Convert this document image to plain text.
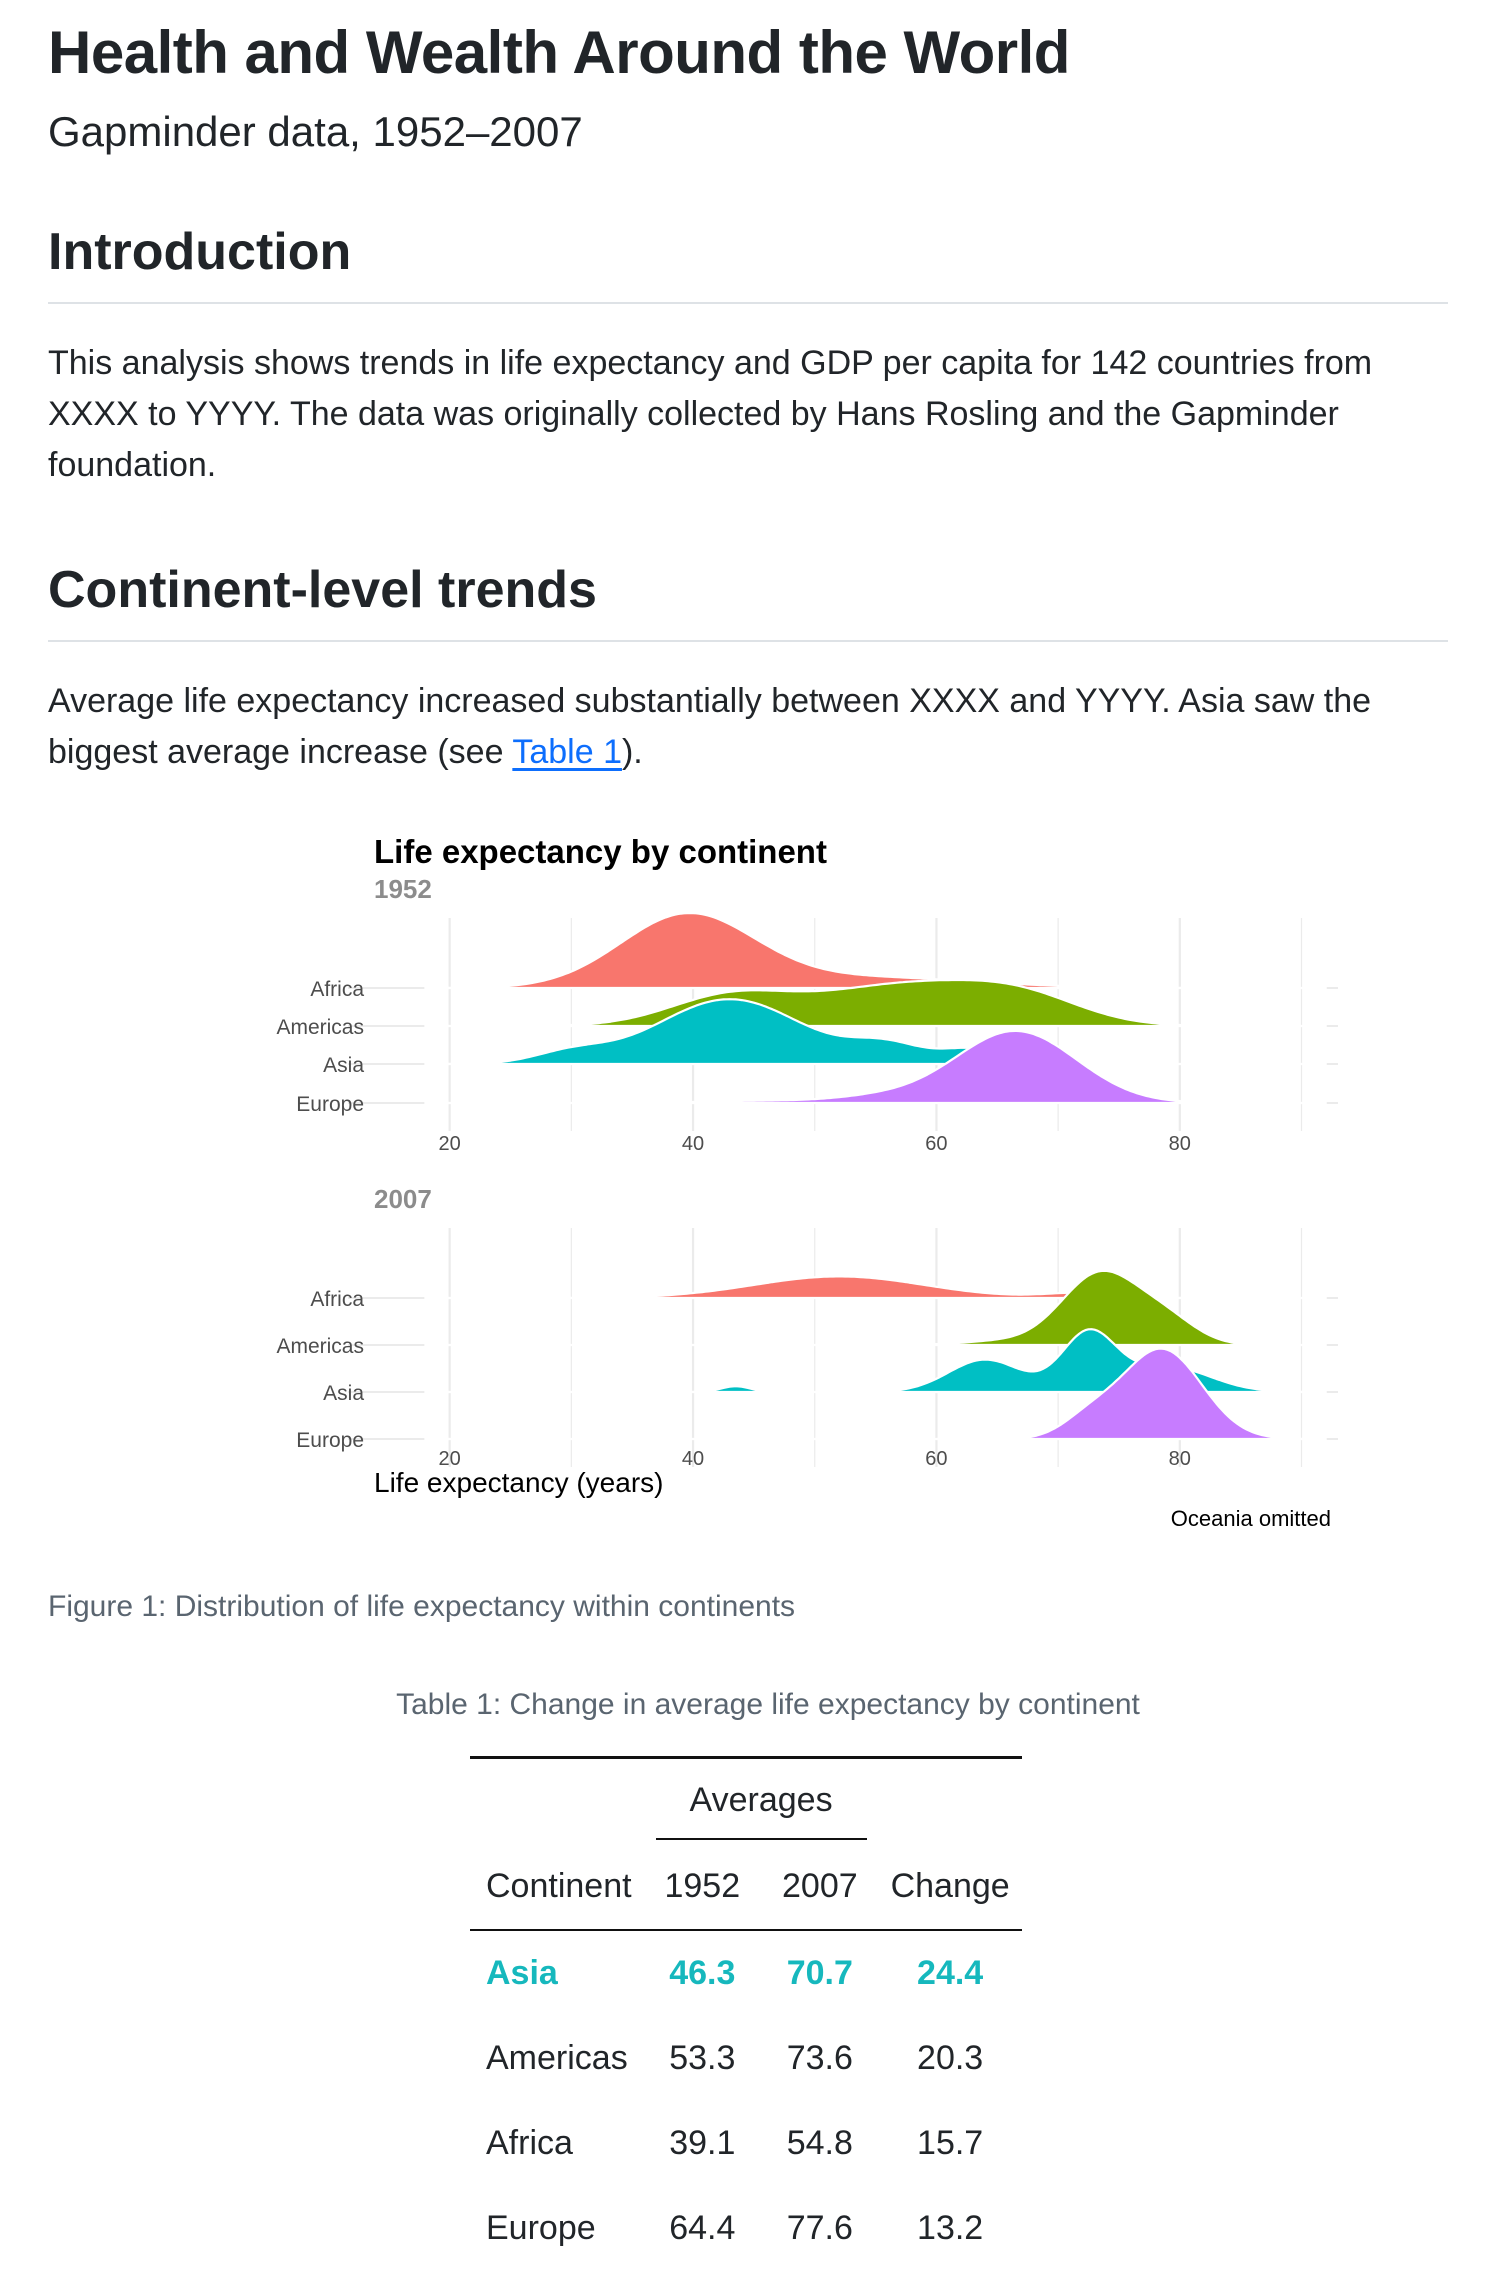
Health and Wealth Around the World

Gapminder data, 1952–2007

Introduction

This analysis shows trends in life expectancy and GDP per capita for 142 countries from XXXX to YYYY. The data was originally collected by Hans Rosling and the Gapminder foundation.

Continent-level trends

Average life expectancy increased substantially between XXXX and YYYY. Asia saw the biggest average increase (see Table 1).

Life expectancy by continent
Life expectancy (years)
Oceania omitted
1952
Africa
Americas
Asia
Europe
20	40	60	80
2007
Africa
Americas
Asia
Europe
20	40	60	80

Figure 1: Distribution of life expectancy within continents

Table 1: Change in average life expectancy by continent

	Averages		
Continent	1952	2007	Change
Asia	46.3	70.7	24.4
Americas	53.3	73.6	20.3
Africa	39.1	54.8	15.7
Europe	64.4	77.6	13.2
